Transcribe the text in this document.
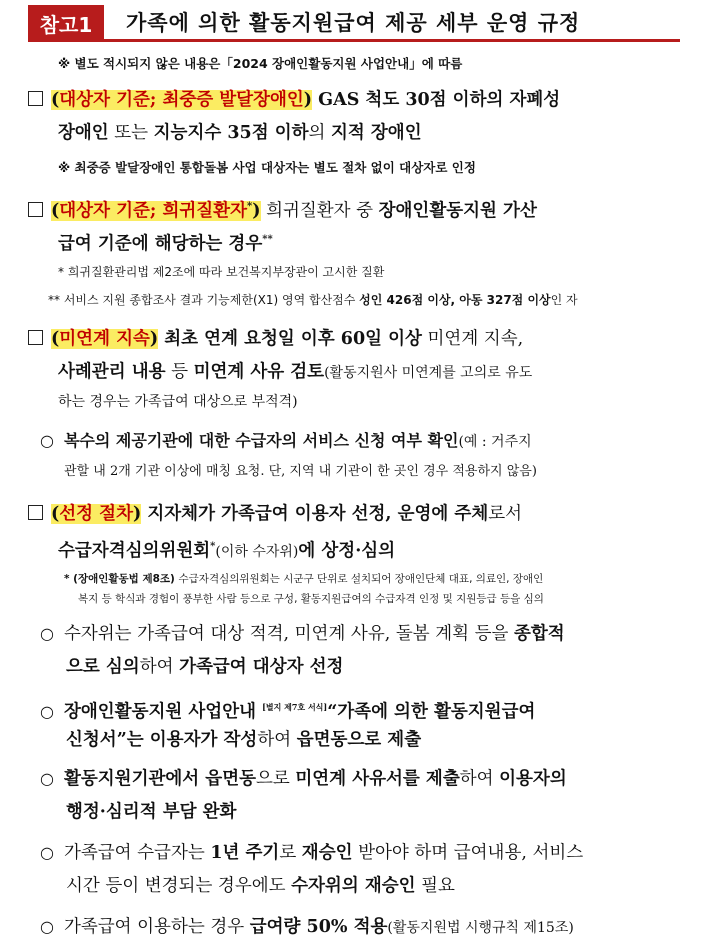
참고1	가족에 의한 활동지원급여 제공 세부 운영 규정
※ 별도 적시되지 않은 내용은「2024 장애인활동지원 사업안내」에 따름
(대상자 기준; 최중증 발달장애인) GAS 척도 30점 이하의 자폐성
장애인 또는 지능지수 35점 이하의 지적 장애인
※ 최중증 발달장애인 통합돌봄 사업 대상자는 별도 절차 없이 대상자로 인정
(대상자 기준; 희귀질환자*) 희귀질환자 중 장애인활동지원 가산
급여 기준에 해당하는 경우**
* 희귀질환관리법 제2조에 따라 보건복지부장관이 고시한 질환
** 서비스 지원 종합조사 결과 기능제한(X1) 영역 합산점수 성인 426점 이상, 아동 327점 이상인 자
(미연계 지속) 최초 연계 요청일 이후 60일 이상 미연계 지속,
사례관리 내용 등 미연계 사유 검토(활동지원사 미연계를 고의로 유도
하는 경우는 가족급여 대상으로 부적격)
○ 복수의 제공기관에 대한 수급자의 서비스 신청 여부 확인(예 : 거주지
관할 내 2개 기관 이상에 매칭 요청. 단, 지역 내 기관이 한 곳인 경우 적용하지 않음)
(선정 절차) 지자체가 가족급여 이용자 선정, 운영에 주체로서
수급자격심의위원회*(이하 수자위)에 상정·심의
* (장애인활동법 제8조) 수급자격심의위원회는 시군구 단위로 설치되어 장애인단체 대표, 의료인, 장애인
복지 등 학식과 경험이 풍부한 사람 등으로 구성, 활동지원급여의 수급자격 인정 및 지원등급 등을 심의
○ 수자위는 가족급여 대상 적격, 미연계 사유, 돌봄 계획 등을 종합적
으로 심의하여 가족급여 대상자 선정
○ 장애인활동지원 사업안내 [별지 제7호 서식]“가족에 의한 활동지원급여
신청서”는 이용자가 작성하여 읍면동으로 제출
○ 활동지원기관에서 읍면동으로 미연계 사유서를 제출하여 이용자의
행정·심리적 부담 완화
○ 가족급여 수급자는 1년 주기로 재승인 받아야 하며 급여내용, 서비스
시간 등이 변경되는 경우에도 수자위의 재승인 필요
○ 가족급여 이용하는 경우 급여량 50% 적용(활동지원법 시행규칙 제15조)
